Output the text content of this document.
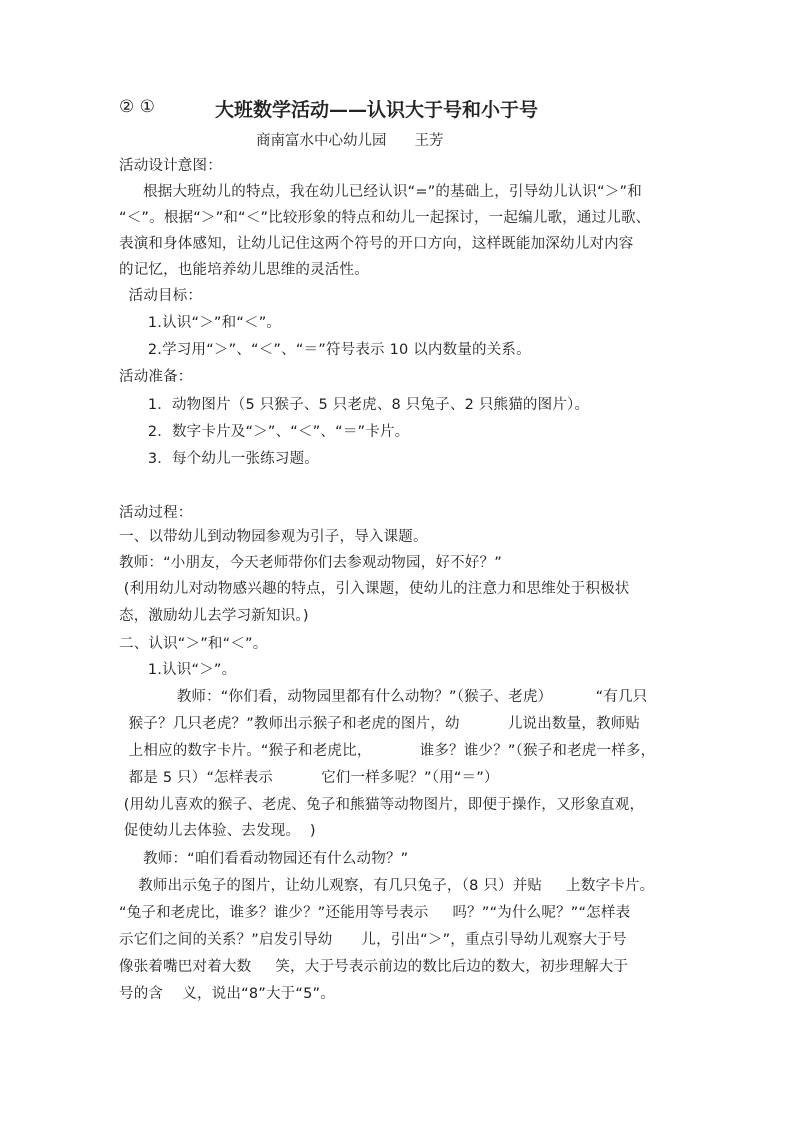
② ①	大班数学活动——认识大于号和小于号
商南富水中心幼儿园 王芳

活动设计意图：

根据大班幼儿的特点，我在幼儿已经认识“=”的基础上，引导幼儿认识“＞”和

“＜”。根据“＞”和“＜”比较形象的特点和幼儿一起探讨，一起编儿歌，通过儿歌、

表演和身体感知，让幼儿记住这两个符号的开口方向，这样既能加深幼儿对内容

的记忆，也能培养幼儿思维的灵活性。

活动目标：

1.认识“＞”和“＜”。

2.学习用“＞”、“＜”、“＝”符号表示 10 以内数量的关系。

活动准备：

1．动物图片（5 只猴子、5 只老虎、8 只兔子、2 只熊猫的图片）。

2．数字卡片及“＞”、“＜”、“＝”卡片。

3．每个幼儿一张练习题。

活动过程：

一、以带幼儿到动物园参观为引子，导入课题。

教师：“小朋友，今天老师带你们去参观动物园，好不好？”

(利用幼儿对动物感兴趣的特点，引入课题，使幼儿的注意力和思维处于积极状

态，激励幼儿去学习新知识。)

二、认识“＞”和“＜”。

1.认识“＞”。

教师：“你们看，动物园里都有什么动物？”（猴子、老虎）         “有几只

猴子？几只老虎？”教师出示猴子和老虎的图片，幼          儿说出数量，教师贴

上相应的数字卡片。“猴子和老虎比，          谁多？谁少？”（猴子和老虎一样多，

都是 5 只）“怎样表示          它们一样多呢？”（用“＝”）

(用幼儿喜欢的猴子、老虎、兔子和熊猫等动物图片，即便于操作，又形象直观，

促使幼儿去体验、去发现。  )

教师：“咱们看看动物园还有什么动物？”

教师出示兔子的图片，让幼儿观察，有几只兔子，（8 只）并贴     上数字卡片。

“兔子和老虎比，谁多？谁少？”还能用等号表示     吗？”“为什么呢？”“怎样表

示它们之间的关系？”启发引导幼      儿，引出“＞”，重点引导幼儿观察大于号

像张着嘴巴对着大数     笑，大于号表示前边的数比后边的数大，初步理解大于

号的含    义，说出“8”大于“5”。
